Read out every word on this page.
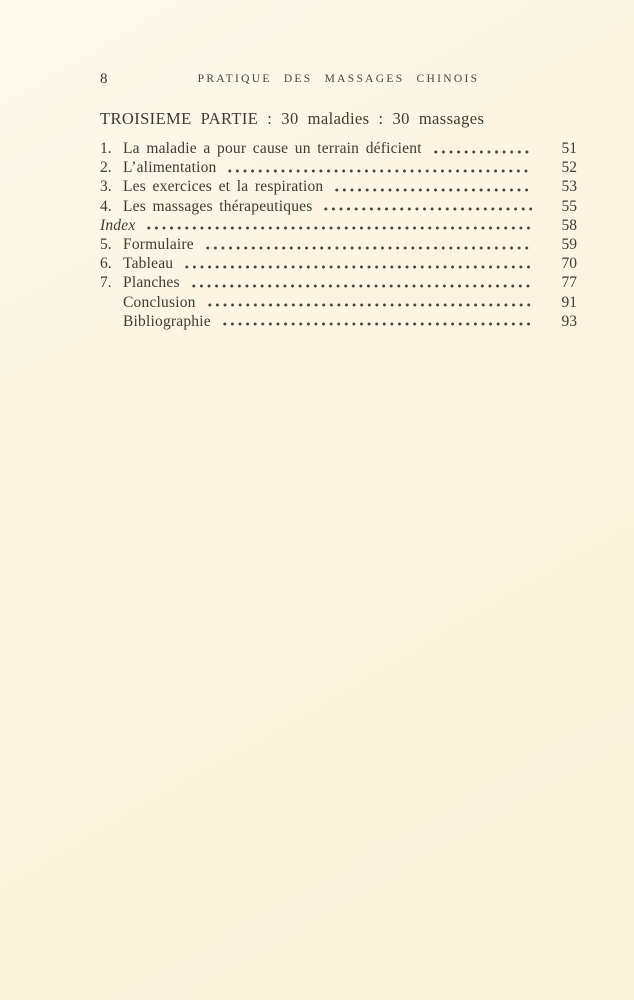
8	PRATIQUE DES MASSAGES CHINOIS
TROISIEME PARTIE : 30 maladies : 30 massages
1. La maladie a pour cause un terrain déficient	51
2. L’alimentation	52
3. Les exercices et la respiration	53
4. Les massages thérapeutiques	55
Index	58
5. Formulaire	59
6. Tableau	70
7. Planches	77
Conclusion	91
Bibliographie	93
